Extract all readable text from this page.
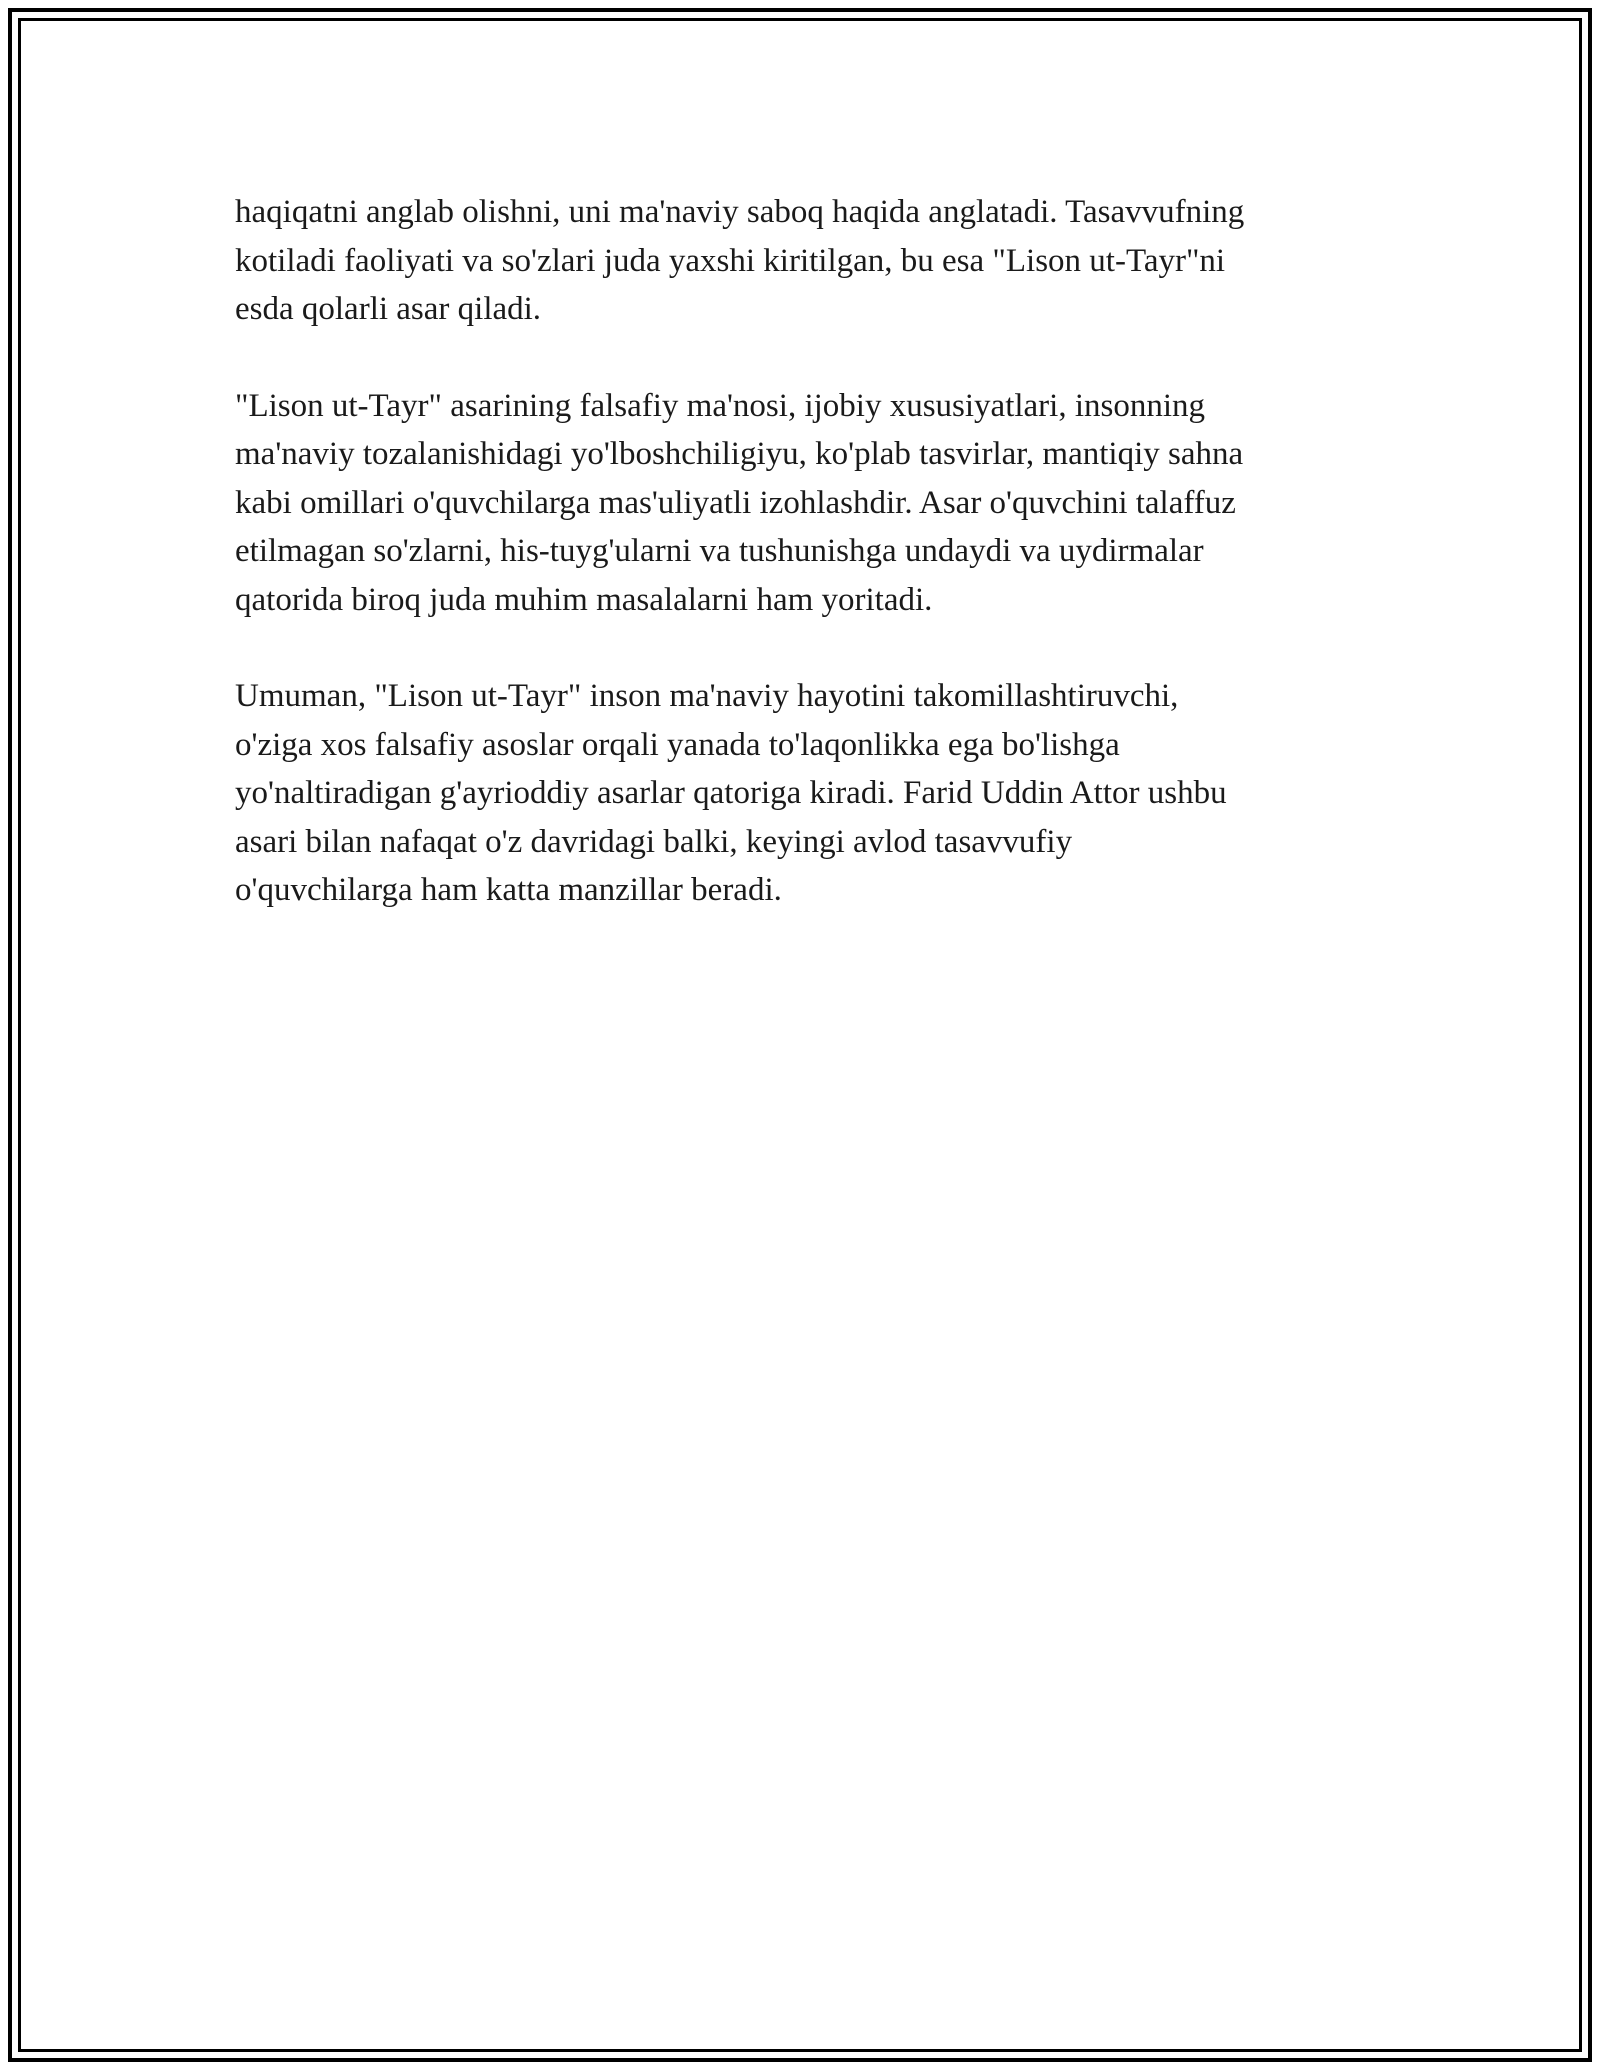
haqiqatni anglab olishni, uni ma'naviy saboq haqida anglatadi. Tasavvufning
kotiladi faoliyati va so'zlari juda yaxshi kiritilgan, bu esa "Lison ut-Tayr"ni
esda qolarli asar qiladi.

"Lison ut-Tayr" asarining falsafiy ma'nosi, ijobiy xususiyatlari, insonning
ma'naviy tozalanishidagi yo'lboshchiligiyu, ko'plab tasvirlar, mantiqiy sahna
kabi omillari o'quvchilarga mas'uliyatli izohlashdir. Asar o'quvchini talaffuz
etilmagan so'zlarni, his-tuyg'ularni va tushunishga undaydi va uydirmalar
qatorida biroq juda muhim masalalarni ham yoritadi.

Umuman, "Lison ut-Tayr" inson ma'naviy hayotini takomillashtiruvchi,
o'ziga xos falsafiy asoslar orqali yanada to'laqonlikka ega bo'lishga
yo'naltiradigan g'ayrioddiy asarlar qatoriga kiradi. Farid Uddin Attor ushbu
asari bilan nafaqat o'z davridagi balki, keyingi avlod tasavvufiy
o'quvchilarga ham katta manzillar beradi.
